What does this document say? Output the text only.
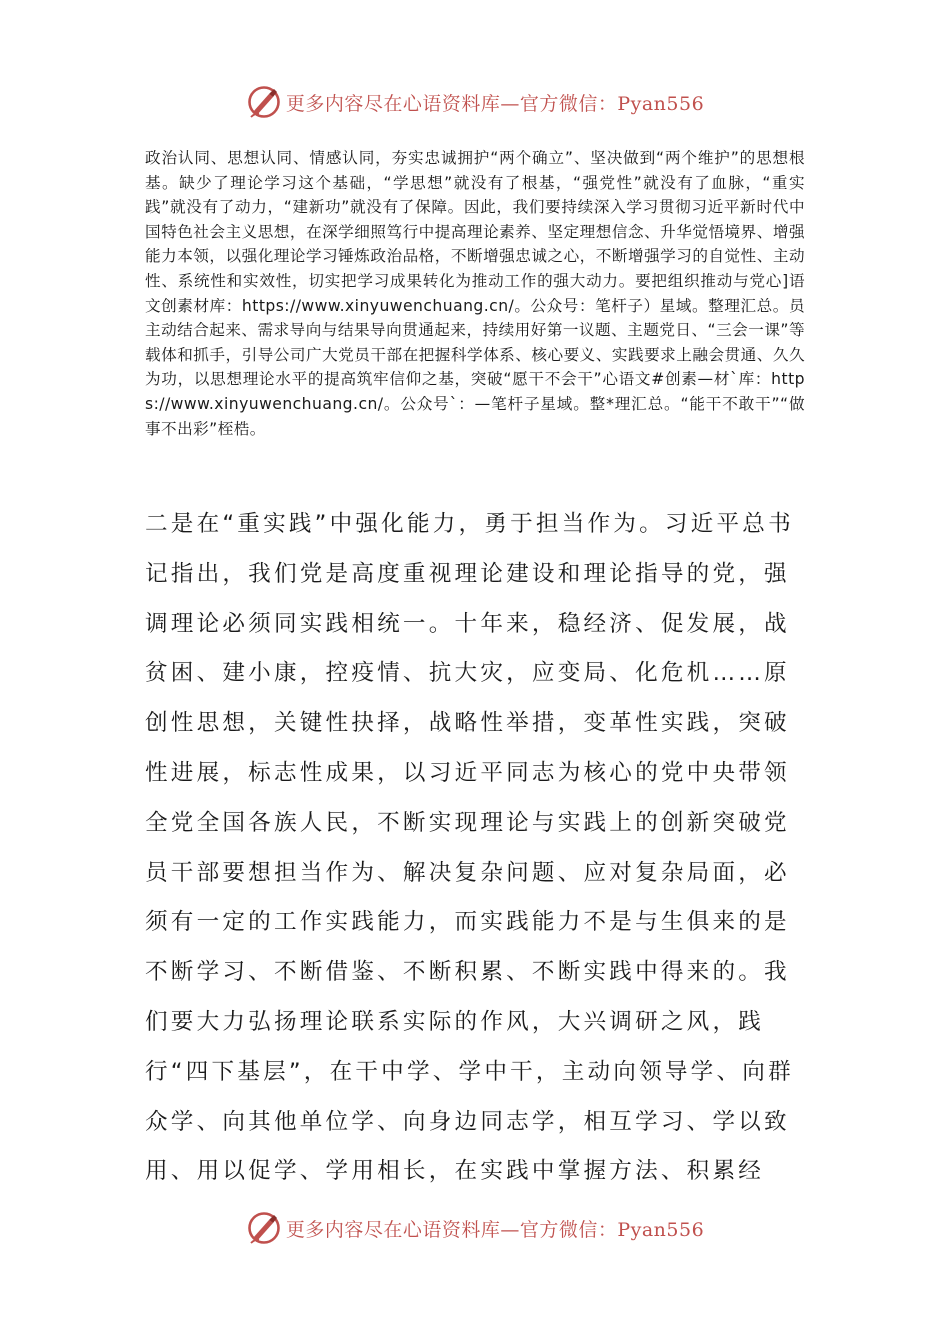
更多内容尽在心语资料库—官方微信：Pyan556

政治认同、思想认同、情感认同，夯实忠诚拥护“两个确立”、坚决做到“两个维护”的思想根基。缺少了理论学习这个基础，“学思想”就没有了根基，“强党性”就没有了血脉，“重实践”就没有了动力，“建新功”就没有了保障。因此，我们要持续深入学习贯彻习近平新时代中国特色社会主义思想，在深学细照笃行中提高理论素养、坚定理想信念、升华觉悟境界、增强能力本领，以强化理论学习锤炼政治品格，不断增强忠诚之心，不断增强学习的自觉性、主动性、系统性和实效性，切实把学习成果转化为推动工作的强大动力。要把组织推动与党心]语文创素材库：https://www.xinyuwenchuang.cn/。公众号：笔杆子）星域。整理汇总。员主动结合起来、需求导向与结果导向贯通起来，持续用好第一议题、主题党日、“三会一课”等载体和抓手，引导公司广大党员干部在把握科学体系、核心要义、实践要求上融会贯通、久久为功，以思想理论水平的提高筑牢信仰之基，突破“愿干不会干”心语文#创素—材`库：https://www.xinyuwenchuang.cn/。公众号`：—笔杆子星域。整*理汇总。“能干不敢干”“做事不出彩”桎梏。

二是在“重实践”中强化能力，勇于担当作为。习近平总书记指出，我们党是高度重视理论建设和理论指导的党，强调理论必须同实践相统一。十年来，稳经济、促发展，战贫困、建小康，控疫情、抗大灾，应变局、化危机……原创性思想，关键性抉择，战略性举措，变革性实践，突破性进展，标志性成果，以习近平同志为核心的党中央带领全党全国各族人民，不断实现理论与实践上的创新突破党员干部要想担当作为、解决复杂问题、应对复杂局面，必须有一定的工作实践能力，而实践能力不是与生俱来的是不断学习、不断借鉴、不断积累、不断实践中得来的。我们要大力弘扬理论联系实际的作风，大兴调研之风，践行“四下基层”，在干中学、学中干，主动向领导学、向群众学、向其他单位学、向身边同志学，相互学习、学以致用、用以促学、学用相长，在实践中掌握方法、积累经

更多内容尽在心语资料库—官方微信：Pyan556
